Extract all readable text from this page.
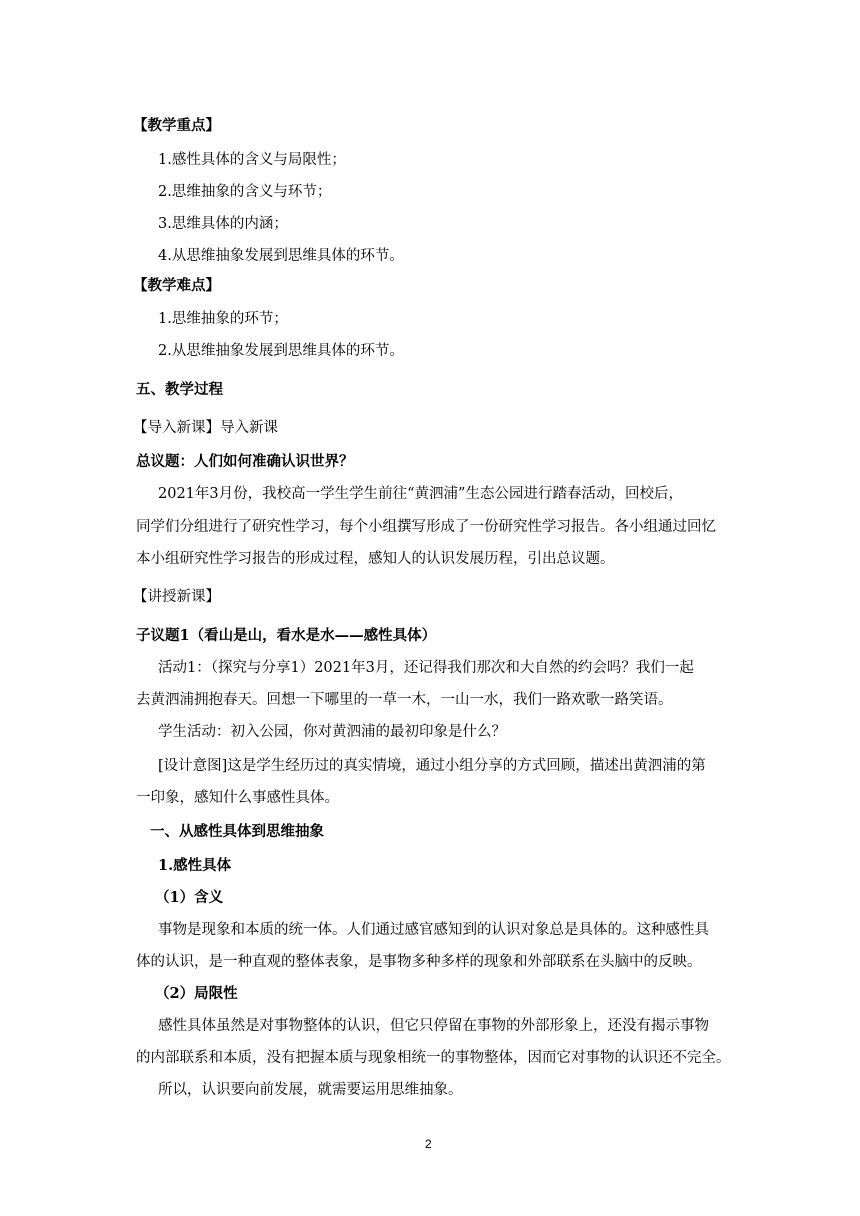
【教学重点】
1.感性具体的含义与局限性；
2.思维抽象的含义与环节；
3.思维具体的内涵；
4.从思维抽象发展到思维具体的环节。
【教学难点】
1.思维抽象的环节；
2.从思维抽象发展到思维具体的环节。
五、教学过程
【导入新课】导入新课
总议题：人们如何准确认识世界？
2021年3月份，我校高一学生学生前往“黄泗浦”生态公园进行踏春活动，回校后，
同学们分组进行了研究性学习，每个小组撰写形成了一份研究性学习报告。各小组通过回忆
本小组研究性学习报告的形成过程，感知人的认识发展历程，引出总议题。
【讲授新课】
子议题1（看山是山，看水是水——感性具体）
活动1：（探究与分享1）2021年3月，还记得我们那次和大自然的约会吗？我们一起
去黄泗浦拥抱春天。回想一下哪里的一草一木，一山一水，我们一路欢歌一路笑语。
学生活动：初入公园，你对黄泗浦的最初印象是什么？
[设计意图]这是学生经历过的真实情境，通过小组分享的方式回顾，描述出黄泗浦的第
一印象，感知什么事感性具体。
一、从感性具体到思维抽象
1.感性具体
（1）含义
事物是现象和本质的统一体。人们通过感官感知到的认识对象总是具体的。这种感性具
体的认识，是一种直观的整体表象，是事物多种多样的现象和外部联系在头脑中的反映。
（2）局限性
感性具体虽然是对事物整体的认识，但它只停留在事物的外部形象上，还没有揭示事物
的内部联系和本质，没有把握本质与现象相统一的事物整体，因而它对事物的认识还不完全。
所以，认识要向前发展，就需要运用思维抽象。
2
